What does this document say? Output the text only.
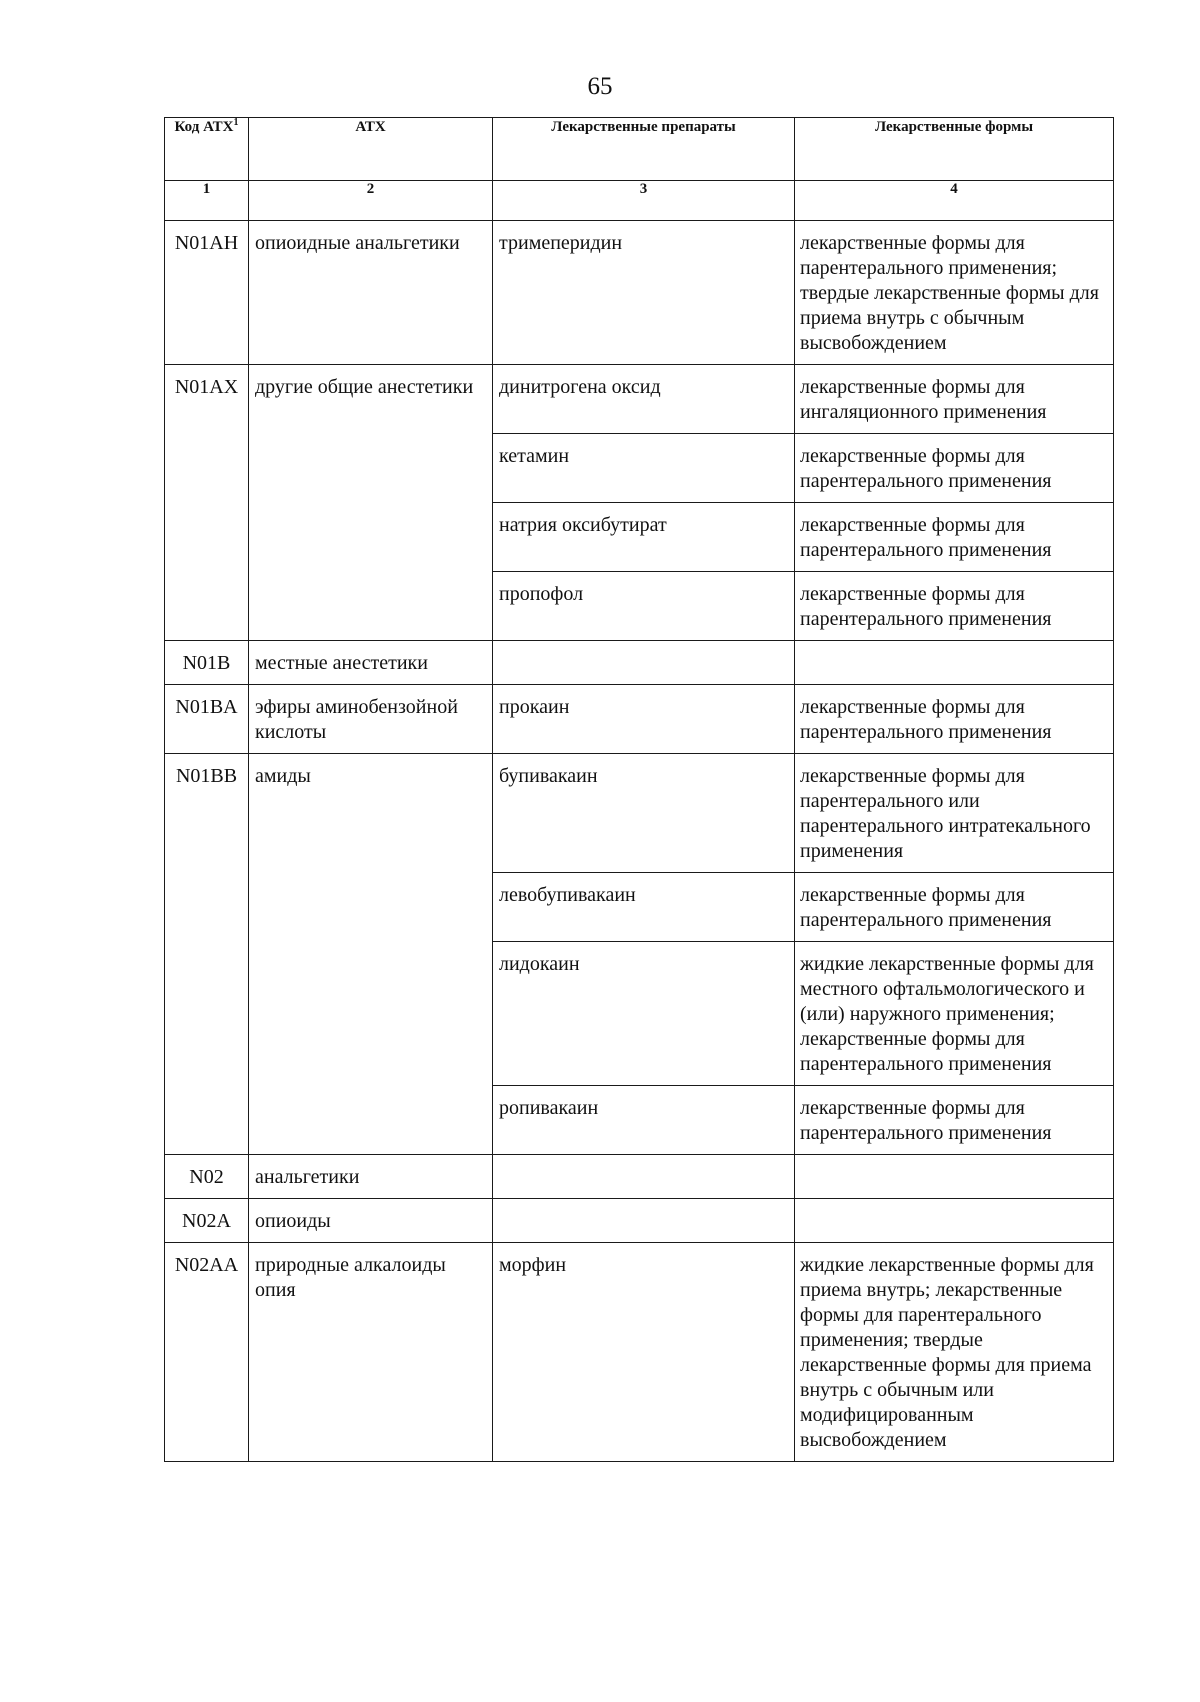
65
Код АТХ$^1$	АТХ	Лекарственные препараты	Лекарственные формы
1	2	3	4

N01AH	опиоидные анальгетики	тримеперидин	лекарственные формы для парентерального применения; твердые лекарственные формы для приема внутрь с обычным высвобождением

N01AX	другие общие анестетики	динитрогена оксид	лекарственные формы для ингаляционного применения

		кетамин	лекарственные формы для парентерального применения

		натрия оксибутират	лекарственные формы для парентерального применения

		пропофол	лекарственные формы для парентерального применения

N01B	местные анестетики		

N01BA	эфиры аминобензойной кислоты	прокаин	лекарственные формы для парентерального применения

N01BB	амиды	бупивакаин	лекарственные формы для парентерального или парентерального интратекального применения

		левобупивакаин	лекарственные формы для парентерального применения

		лидокаин	жидкие лекарственные формы для местного офтальмологического и (или) наружного применения; лекарственные формы для парентерального применения

		ропивакаин	лекарственные формы для парентерального применения

N02	анальгетики		

N02A	опиоиды		

N02AA	природные алкалоиды опия	морфин	жидкие лекарственные формы для приема внутрь; лекарственные формы для парентерального применения; твердые лекарственные формы для приема внутрь с обычным или модифицированным высвобождением
